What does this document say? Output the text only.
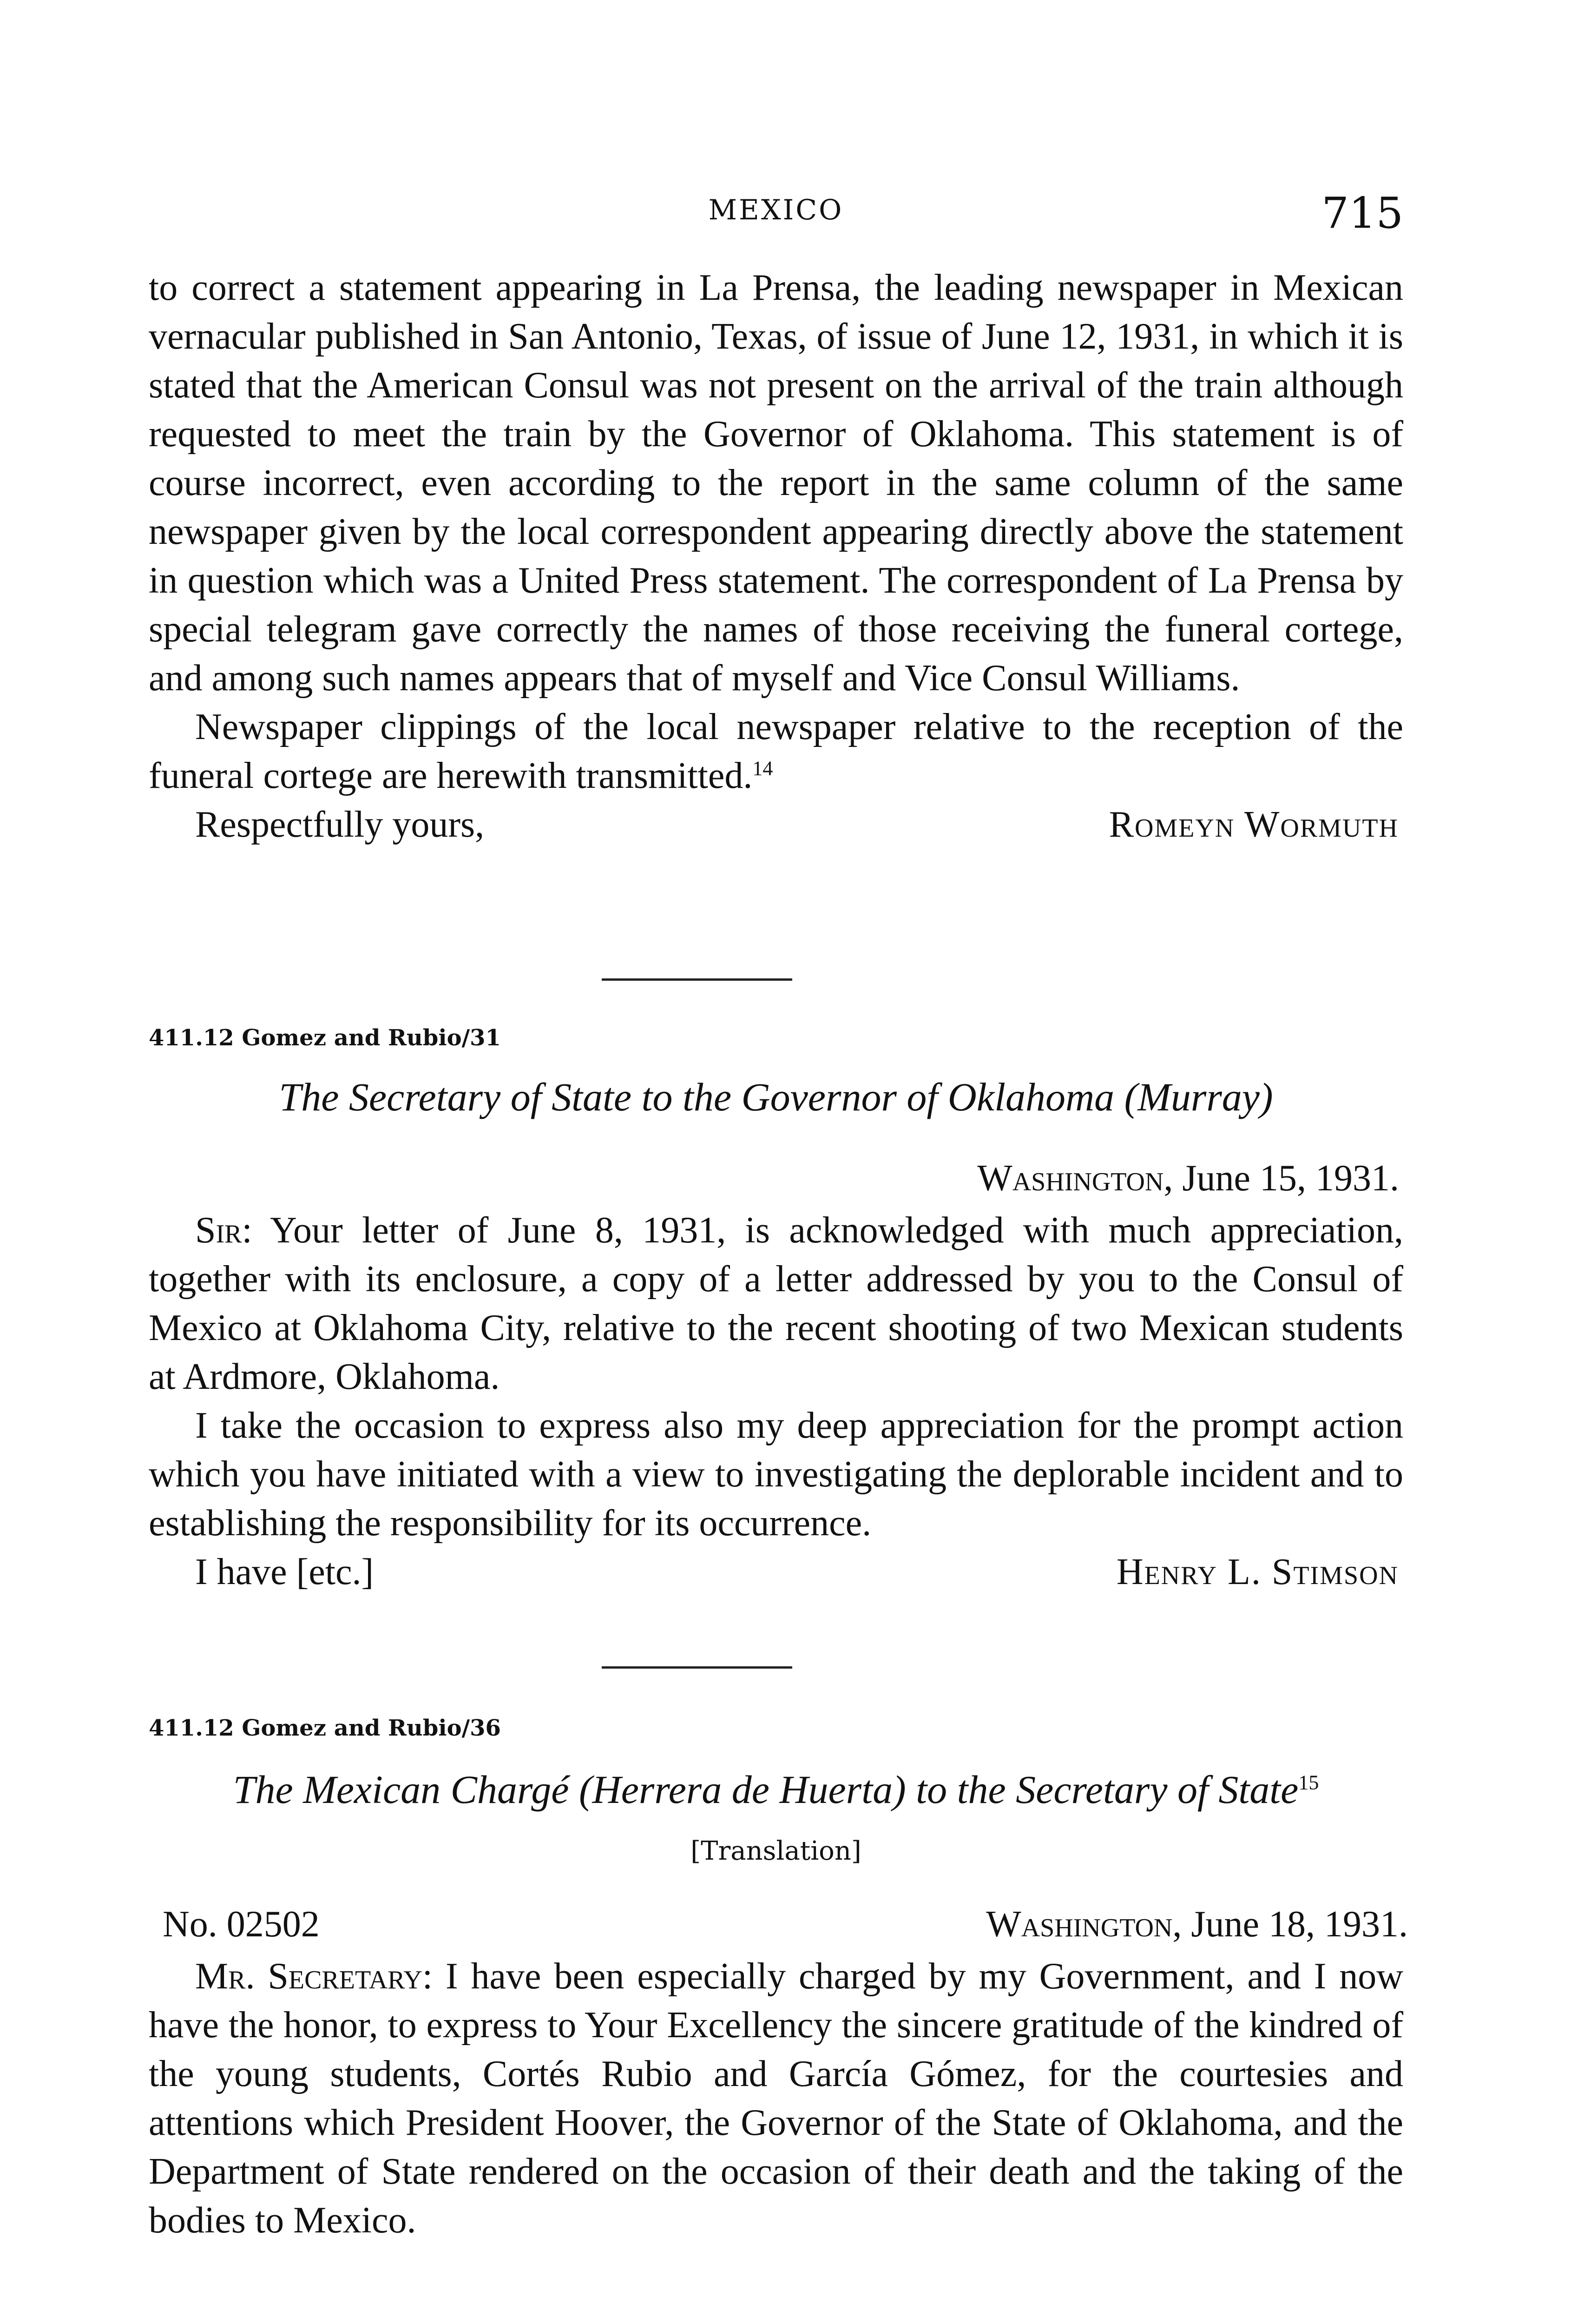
MEXICO	715
to correct a statement appearing in La Prensa, the leading newspaper in Mexican vernacular published in San Antonio, Texas, of issue of June 12, 1931, in which it is stated that the American Consul was not present on the arrival of the train although requested to meet the train by the Governor of Oklahoma. This statement is of course incorrect, even according to the report in the same column of the same newspaper given by the local correspondent appearing directly above the statement in question which was a United Press statement. The correspondent of La Prensa by special telegram gave correctly the names of those receiving the funeral cortege, and among such names appears that of myself and Vice Consul Williams.
Newspaper clippings of the local newspaper relative to the reception of the funeral cortege are herewith transmitted.$^{14}$
Respectfully yours,	Romeyn Wormuth
411.12 Gomez and Rubio/31
The Secretary of State to the Governor of Oklahoma (Murray)
Washington, June 15, 1931.
Sir: Your letter of June 8, 1931, is acknowledged with much appreciation, together with its enclosure, a copy of a letter addressed by you to the Consul of Mexico at Oklahoma City, relative to the recent shooting of two Mexican students at Ardmore, Oklahoma.
I take the occasion to express also my deep appreciation for the prompt action which you have initiated with a view to investigating the deplorable incident and to establishing the responsibility for its occurrence.
I have [etc.]	Henry L. Stimson
411.12 Gomez and Rubio/36
The Mexican Chargé (Herrera de Huerta) to the Secretary of State$^{15}$
[Translation]
No. 02502	Washington, June 18, 1931.
Mr. Secretary: I have been especially charged by my Government, and I now have the honor, to express to Your Excellency the sincere gratitude of the kindred of the young students, Cortés Rubio and García Gómez, for the courtesies and attentions which President Hoover, the Governor of the State of Oklahoma, and the Department of State rendered on the occasion of their death and the taking of the bodies to Mexico.
